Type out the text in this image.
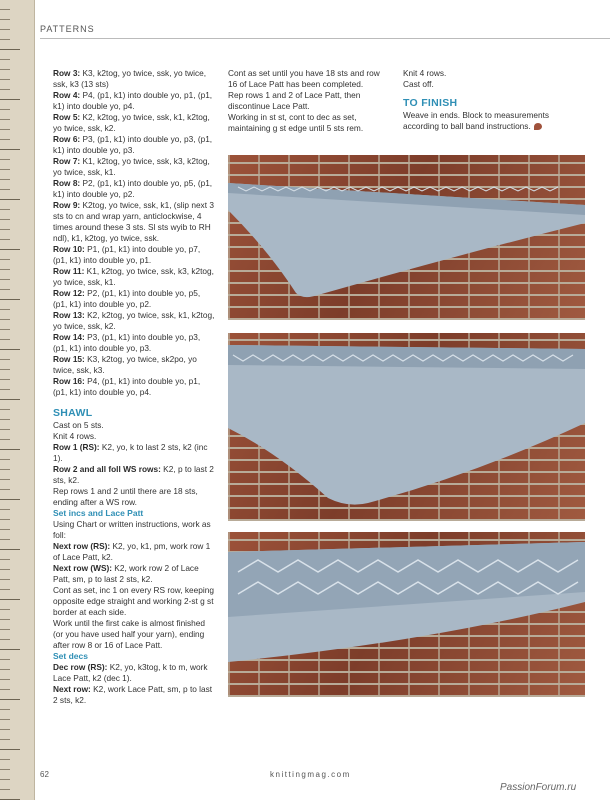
PATTERNS
Row 3: K3, k2tog, yo twice, ssk, yo twice, ssk, k3 (13 sts)
Row 4: P4, (p1, k1) into double yo, p1, (p1, k1) into double yo, p4.
Row 5: K2, k2tog, yo twice, ssk, k1, k2tog, yo twice, ssk, k2.
Row 6: P3, (p1, k1) into double yo, p3, (p1, k1) into double yo, p3.
Row 7: K1, k2tog, yo twice, ssk, k3, k2tog, yo twice, ssk, k1.
Row 8: P2, (p1, k1) into double yo, p5, (p1, k1) into double yo, p2.
Row 9: K2tog, yo twice, ssk, k1, (slip next 3 sts to cn and wrap yarn, anticlockwise, 4 times around these 3 sts. Sl sts wyib to RH ndl), k1, k2tog, yo twice, ssk.
Row 10: P1, (p1, k1) into double yo, p7, (p1, k1) into double yo, p1.
Row 11: K1, k2tog, yo twice, ssk, k3, k2tog, yo twice, ssk, k1.
Row 12: P2, (p1, k1) into double yo, p5, (p1, k1) into double yo, p2.
Row 13: K2, k2tog, yo twice, ssk, k1, k2tog, yo twice, ssk, k2.
Row 14: P3, (p1, k1) into double yo, p3, (p1, k1) into double yo, p3.
Row 15: K3, k2tog, yo twice, sk2po, yo twice, ssk, k3.
Row 16: P4, (p1, k1) into double yo, p1, (p1, k1) into double yo, p4.
SHAWL
Cast on 5 sts.
Knit 4 rows.
Row 1 (RS): K2, yo, k to last 2 sts, k2 (inc 1).
Row 2 and all foll WS rows: K2, p to last 2 sts, k2.
Rep rows 1 and 2 until there are 18 sts, ending after a WS row.
Set incs and Lace Patt
Using Chart or written instructions, work as foll:
Next row (RS): K2, yo, k1, pm, work row 1 of Lace Patt, k2.
Next row (WS): K2, work row 2 of Lace Patt, sm, p to last 2 sts, k2.
Cont as set, inc 1 on every RS row, keeping opposite edge straight and working 2-st g st border at each side.
Work until the first cake is almost finished (or you have used half your yarn), ending after row 8 or 16 of Lace Patt.
Set decs
Dec row (RS): K2, yo, k3tog, k to m, work Lace Patt, k2 (dec 1).
Next row: K2, work Lace Patt, sm, p to last 2 sts, k2.
Cont as set until you have 18 sts and row 16 of Lace Patt has been completed.
Rep rows 1 and 2 of Lace Patt, then discontinue Lace Patt.
Working in st st, cont to dec as set, maintaining g st edge until 5 sts rem.
Knit 4 rows.
Cast off.
TO FINISH
Weave in ends. Block to measurements according to ball band instructions.
62	knittingmag.com
PassionForum.ru
